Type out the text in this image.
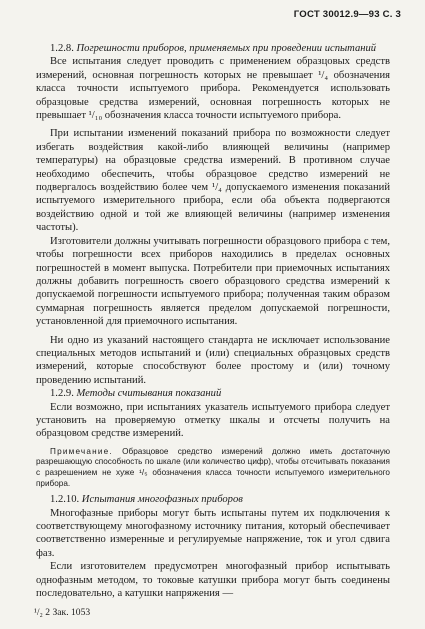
ГОСТ 30012.9—93 С. 3
1.2.8. Погрешности приборов, применяемых при проведении испытаний

Все испытания следует проводить с применением образцовых средств измерений, основная погрешность которых не превышает ¹/₄ обозначения класса точности испытуемого прибора. Рекомендуется использовать образцовые средства измерений, основная погрешность которых не превышает ¹/₁₀ обозначения класса точности испытуемого прибора.

При испытании изменений показаний прибора по возможности следует избегать воздействия какой-либо влияющей величины (например температуры) на образцовые средства измерений. В противном случае необходимо обеспечить, чтобы образцовое средство измерений не подвергалось воздействию более чем ¹/₄ допускаемого изменения показаний испытуемого измерительного прибора, если оба объекта подвергаются воздействию одной и той же влияющей величины (например изменения частоты).

Изготовители должны учитывать погрешности образцового прибора с тем, чтобы погрешности всех приборов находились в пределах основных погрешностей в момент выпуска. Потребители при приемочных испытаниях должны добавить погрешность своего образцового средства измерений к допускаемой погрешности испытуемого прибора; полученная таким образом суммарная погрешность является пределом допускаемой погрешности, установленной для приемочного испытания.

Ни одно из указаний настоящего стандарта не исключает использование специальных методов испытаний и (или) специальных образцовых средств измерений, которые способствуют более простому и (или) точному проведению испытаний.

1.2.9. Методы считывания показаний

Если возможно, при испытаниях указатель испытуемого прибора следует установить на проверяемую отметку шкалы и отсчеты получить на образцовом средстве измерений.

Примечание. Образцовое средство измерений должно иметь достаточную разрешающую способность по шкале (или количество цифр), чтобы отсчитывать показания с разрешением не хуже ¹/₅ обозначения класса точности испытуемого измерительного прибора.
1.2.10. Испытания многофазных приборов

Многофазные приборы могут быть испытаны путем их подключения к соответствующему многофазному источнику питания, который обеспечивает соответственно измеренные и регулируемые напряжение, ток и угол сдвига фаз.

Если изготовителем предусмотрен многофазный прибор испытывать однофазным методом, то токовые катушки прибора могут быть соединены последовательно, а катушки напряжения —

¹/₂ 2 Зак. 1053
